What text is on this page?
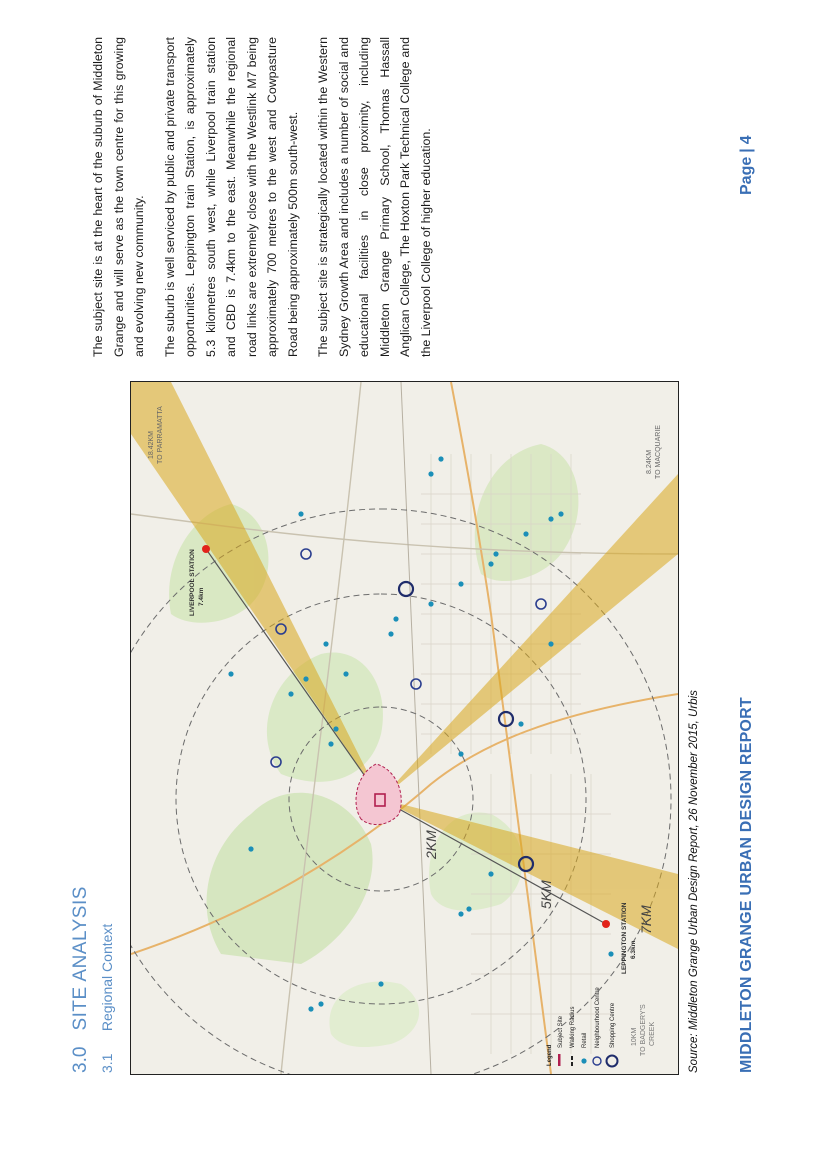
3.0 SITE ANALYSIS
3.1 Regional Context
2KM
5KM
7KM
LIVERPOOL STATION 7.4km
LEPPINGTON STATION 6.3km
18.42KM TO PARRAMATTA	8.24KM TO MACQUARIE
10KM TO BADGERY'S CREEK
Legend
Subject Site Walking Radius Retail Neighbourhood Centre Shopping Centre	Source: Middleton Grange Urban Design Report, 26 November 2015, Urbis

The subject site is at the heart of the suburb of Middleton Grange and will serve as the town centre for this growing and evolving new community. The suburb is well serviced by public and private transport opportunities. Leppington train Station, is approximately 5.3 kilometres south west, while Liverpool train station and CBD is 7.4km to the east. Meanwhile the regional road links are extremely close with the Westlink M7 being approximately 700 metres to the west and Cowpasture Road being approximately 500m south-west. The subject site is strategically located within the Western Sydney Growth Area and includes a number of social and educational facilities in close proximity, including Middleton Grange Primary School, Thomas Hassall Anglican College, The Hoxton Park Technical College and the Liverpool College of higher education.

MIDDLETON GRANGE URBAN DESIGN REPORT
Page|4
